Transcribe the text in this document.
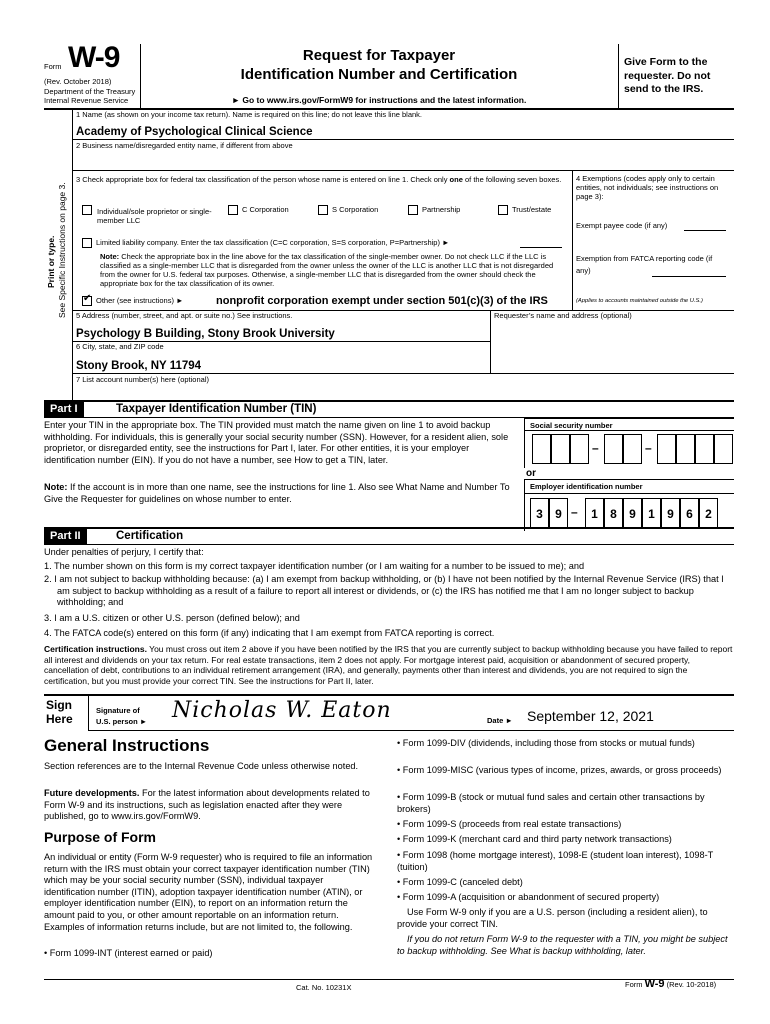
Form W-9
(Rev. October 2018)
Department of the Treasury
Internal Revenue Service
Request for Taxpayer
Identification Number and Certification
► Go to www.irs.gov/FormW9 for instructions and the latest information.
Give Form to the requester. Do not send to the IRS.
Print or type. See Specific Instructions on page 3.
1 Name (as shown on your income tax return). Name is required on this line; do not leave this line blank.
Academy of Psychological Clinical Science
2 Business name/disregarded entity name, if different from above
3 Check appropriate box for federal tax classification of the person whose name is entered on line 1. Check only one of the following seven boxes.
Individual/sole proprietor or single-member LLC
C Corporation	S Corporation	Partnership	Trust/estate
Limited liability company. Enter the tax classification (C=C corporation, S=S corporation, P=Partnership) ►
Note: Check the appropriate box in the line above for the tax classification of the single-member owner. Do not check LLC if the LLC is classified as a single-member LLC that is disregarded from the owner unless the owner of the LLC is another LLC that is not disregarded from the owner for U.S. federal tax purposes. Otherwise, a single-member LLC that is disregarded from the owner should check the appropriate box for the tax classification of its owner.
✔Other (see instructions) ►	nonprofit corporation exempt under section 501(c)(3) of the IRS
4 Exemptions (codes apply only to certain entities, not individuals; see instructions on page 3):
Exempt payee code (if any)
Exemption from FATCA reporting code (if any)
(Applies to accounts maintained outside the U.S.)
5 Address (number, street, and apt. or suite no.) See instructions.
Psychology B Building, Stony Brook University
Requester’s name and address (optional)
6 City, state, and ZIP code
Stony Brook, NY 11794
7 List account number(s) here (optional)
Part I	Taxpayer Identification Number (TIN)
Enter your TIN in the appropriate box. The TIN provided must match the name given on line 1 to avoid backup withholding. For individuals, this is generally your social security number (SSN). However, for a resident alien, sole proprietor, or disregarded entity, see the instructions for Part I, later. For other entities, it is your employer identification number (EIN). If you do not have a number, see How to get a TIN, later.
Note: If the account is in more than one name, see the instructions for line 1. Also see What Name and Number To Give the Requester for guidelines on whose number to enter.
Social security number
–	–
or
Employer identification number
3	9 –	1	8	9	1	9	6	2
Part II	Certification
Under penalties of perjury, I certify that:
1. The number shown on this form is my correct taxpayer identification number (or I am waiting for a number to be issued to me); and
2. I am not subject to backup withholding because: (a) I am exempt from backup withholding, or (b) I have not been notified by the Internal Revenue Service (IRS) that I am subject to backup withholding as a result of a failure to report all interest or dividends, or (c) the IRS has notified me that I am no longer subject to backup withholding; and
3. I am a U.S. citizen or other U.S. person (defined below); and
4. The FATCA code(s) entered on this form (if any) indicating that I am exempt from FATCA reporting is correct.
Certification instructions. You must cross out item 2 above if you have been notified by the IRS that you are currently subject to backup withholding because you have failed to report all interest and dividends on your tax return. For real estate transactions, item 2 does not apply. For mortgage interest paid, acquisition or abandonment of secured property, cancellation of debt, contributions to an individual retirement arrangement (IRA), and generally, payments other than interest and dividends, you are not required to sign the certification, but you must provide your correct TIN. See the instructions for Part II, later.
Sign Here
Signature of U.S. person ►	Nicholas W. Eaton	Date ► September 12, 2021
General Instructions
Section references are to the Internal Revenue Code unless otherwise noted.
Future developments. For the latest information about developments related to Form W-9 and its instructions, such as legislation enacted after they were published, go to www.irs.gov/FormW9.
Purpose of Form
An individual or entity (Form W-9 requester) who is required to file an information return with the IRS must obtain your correct taxpayer identification number (TIN) which may be your social security number (SSN), individual taxpayer identification number (ITIN), adoption taxpayer identification number (ATIN), or employer identification number (EIN), to report on an information return the amount paid to you, or other amount reportable on an information return. Examples of information returns include, but are not limited to, the following.
• Form 1099-INT (interest earned or paid)
• Form 1099-DIV (dividends, including those from stocks or mutual funds)
• Form 1099-MISC (various types of income, prizes, awards, or gross proceeds)
• Form 1099-B (stock or mutual fund sales and certain other transactions by brokers)
• Form 1099-S (proceeds from real estate transactions)
• Form 1099-K (merchant card and third party network transactions)
• Form 1098 (home mortgage interest), 1098-E (student loan interest), 1098-T (tuition)
• Form 1099-C (canceled debt)
• Form 1099-A (acquisition or abandonment of secured property)
Use Form W-9 only if you are a U.S. person (including a resident alien), to provide your correct TIN.
If you do not return Form W-9 to the requester with a TIN, you might be subject to backup withholding. See What is backup withholding, later.
Cat. No. 10231X	Form W-9 (Rev. 10-2018)
